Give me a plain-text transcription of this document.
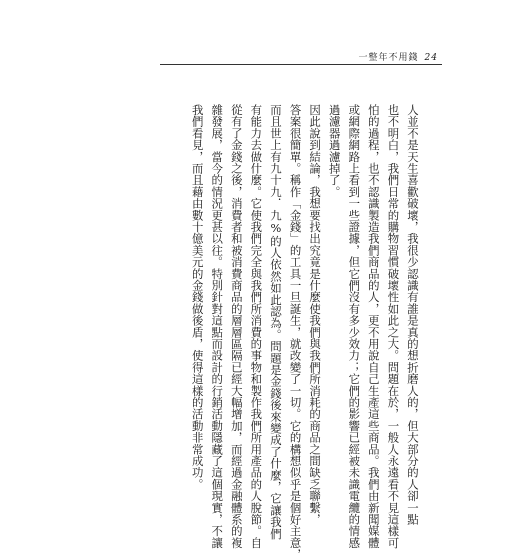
一整年不用錢 24
人並不是天生喜歡破壞，我很少認識有誰是真的想折磨人的，但大部分的人卻一點
也不明白，我們日常的購物習慣破壞性如此之大。問題在於，一般人永遠看不見這樣可
怕的過程，也不認識製造我們商品的人，更不用說自己生產這些商品。我們由新聞媒體
或網際網路上看到一些證據，但它們沒有多少效力；它們的影響已經被未識電纜的情感
過濾器過濾掉了。
因此說到結論，我想要找出究竟是什麼使我們與我們所消耗的商品之間缺乏聯繫，
答案很簡單。稱作「金錢」的工具一旦誕生，就改變了一切。它的構想似乎是個好主意，
而且世上有九十九．九%的人依然如此認為。問題是金錢後來變成了什麼，它讓我們
有能力去做什麼。它使我們完全與我們所消費的事物和製作我們所用產品的人脫節。自
從有了金錢之後，消費者和被消費商品的層層區隔已經大幅增加，而經過金融體系的複
雜發展，當今的情況更甚以往。特別針對這點而設計的行銷活動隱藏了這個現實，不讓
我們看見，而且藉由數十億美元的金錢做後盾，使得這樣的活動非常成功。
